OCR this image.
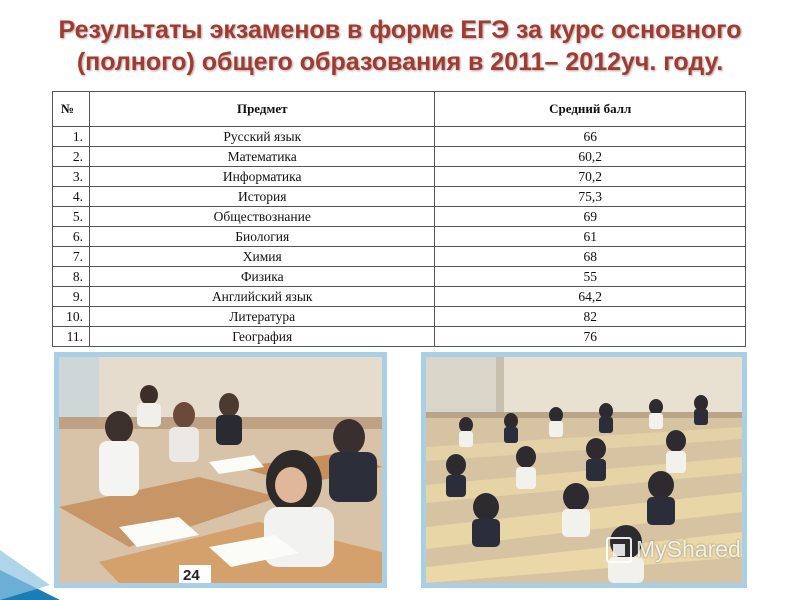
Результаты экзаменов в форме ЕГЭ за курс основного
(полного) общего образования в 2011– 2012уч. году.
№	Предмет	Средний балл
1.	Русский язык	66
2.	Математика	60,2
3.	Информатика	70,2
4.	История	75,3
5.	Обществознание	69
6.	Биология	61
7.	Химия	68
8.	Физика	55
9.	Английский язык	64,2
10.	Литература	82
11.	География	76
24
MyShared
